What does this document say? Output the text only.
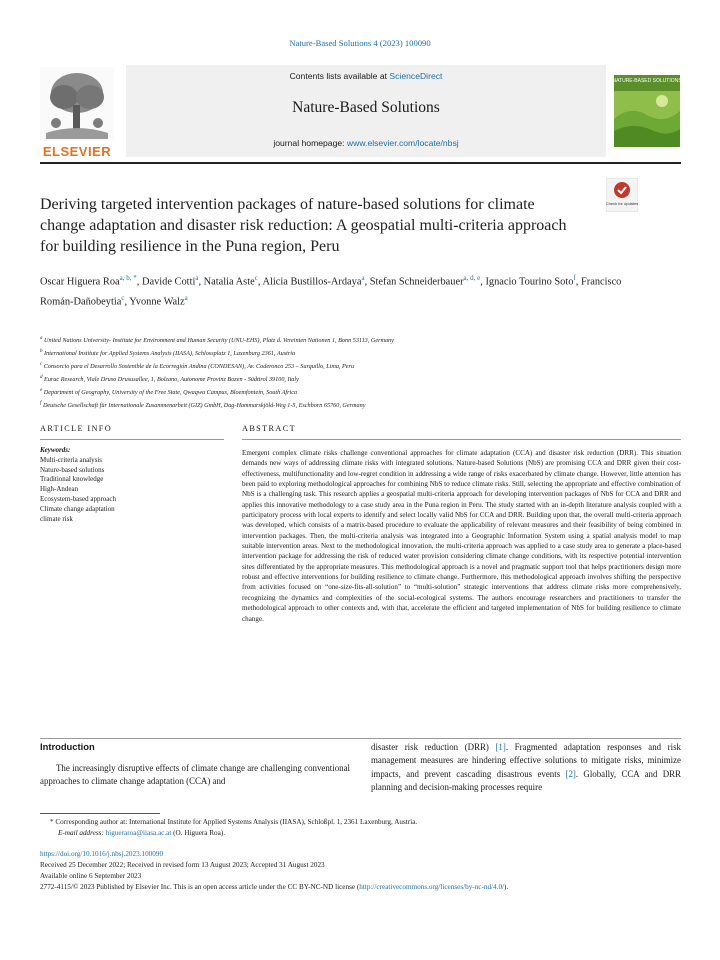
Nature-Based Solutions 4 (2023) 100090
ELSEVIER
Contents lists available at ScienceDirect
Nature-Based Solutions
journal homepage: www.elsevier.com/locate/nbsj
NATURE-BASED SOLUTIONS
Check for updates
Deriving targeted intervention packages of nature-based solutions for climate change adaptation and disaster risk reduction: A geospatial multi-criteria approach for building resilience in the Puna region, Peru
Oscar Higuera Roa$^{a, b, *}$, Davide Cotti$^a$, Natalia Aste$^c$, Alicia Bustillos-Ardaya$^a$, Stefan Schneiderbauer$^{a, d, e}$, Ignacio Tourino Soto$^f$, Francisco Román-Dañobeytia$^c$, Yvonne Walz$^a$
$^a$ United Nations University- Institute for Environment and Human Security (UNU-EHS), Platz d. Vereinten Nationen 1, Bonn 53113, Germany
$^b$ International Institute for Applied Systems Analysis (IIASA), Schlossplatz 1, Laxenburg 2361, Austria
$^c$ Consorcio para el Desarrollo Sostenible de la Ecorregión Andina (CONDESAN), Av. Coderonco 253 – Surquillo, Lima, Peru
$^d$ Eurac Research, Viale Druso Drususallee, 1, Bolzano, Autonome Provinz Bozen - Südtirol 39100, Italy
$^e$ Department of Geography, University of the Free State, Qwaqwa Campus, Bloemfontein, South Africa
$^f$ Deutsche Gesellschaft für Internationale Zusammenarbeit (GIZ) GmbH, Dag-Hammarskjöld-Weg 1-5, Eschborn 65760, Germany
ARTICLE INFO
Keywords:
Multi-criteria analysis
Nature-based solutions
Traditional knowledge
High-Andean
Ecosystem-based approach
Climate change adaptation
climate risk
ABSTRACT
Emergent complex climate risks challenge conventional approaches for climate adaptation (CCA) and disaster risk reduction (DRR). This situation demands new ways of addressing climate risks with integrated solutions. Nature-based Solutions (NbS) are promising CCA and DRR given their cost-effectiveness, multifunctionality and low-regret condition in addressing a wide range of risks exacerbated by climate change. However, little attention has been paid to exploring methodological approaches for combining NbS to reduce climate risks. Still, selecting the appropriate and effective combination of NbS is a challenging task. This research applies a geospatial multi-criteria approach for developing intervention packages of NbS for CCA and DRR and applies this innovative methodology to a case study area in the Puna region in Peru. The study started with an in-depth literature analysis coupled with a participatory process with local experts to identify and select locally valid NbS for CCA and DRR. Building upon that, the overall multi-criteria approach was developed, which consists of a matrix-based procedure to evaluate the applicability of relevant measures and their feasibility of being combined in intervention packages. Then, the multi-criteria analysis was integrated into a Geographic Information System using a spatial analysis model to map suitable intervention areas. Next to the methodological innovation, the multi-criteria approach was applied to a case study area to generate a place-based intervention package for addressing the risk of reduced water provision considering climate change conditions, with its respective potential intervention sites differentiated by the appropriate measures. This methodological approach is a novel and pragmatic support tool that helps practitioners design more robust and effective interventions for building resilience to climate change. Furthermore, this methodological approach involves shifting the perspective from activities focused on “one-size-fits-all-solution” to “multi-solution” strategic interventions that address climate risks more comprehensively, recognizing the dynamics and complexities of the social-ecological systems. The authors encourage researchers and practitioners to transfer the methodological approach to other contexts and, with that, accelerate the efficient and targeted implementation of NbS for building resilience to climate change.
Introduction
The increasingly disruptive effects of climate change are challenging conventional approaches to climate change adaptation (CCA) and
disaster risk reduction (DRR) [1]. Fragmented adaptation responses and risk management measures are hindering effective solutions to mitigate risks, minimize impacts, and prevent cascading disastrous events [2]. Globally, CCA and DRR planning and decision-making processes require
* Corresponding author at: International Institute for Applied Systems Analysis (IIASA), Schloßpl. 1, 2361 Laxenburg, Austria.
E-mail address: higueraroa@iiasa.ac.at (O. Higuera Roa).
https://doi.org/10.1016/j.nbsj.2023.100090
Received 25 December 2022; Received in revised form 13 August 2023; Accepted 31 August 2023
Available online 6 September 2023
2772-4115/© 2023 Published by Elsevier Inc. This is an open access article under the CC BY-NC-ND license (http://creativecommons.org/licenses/by-nc-nd/4.0/).
